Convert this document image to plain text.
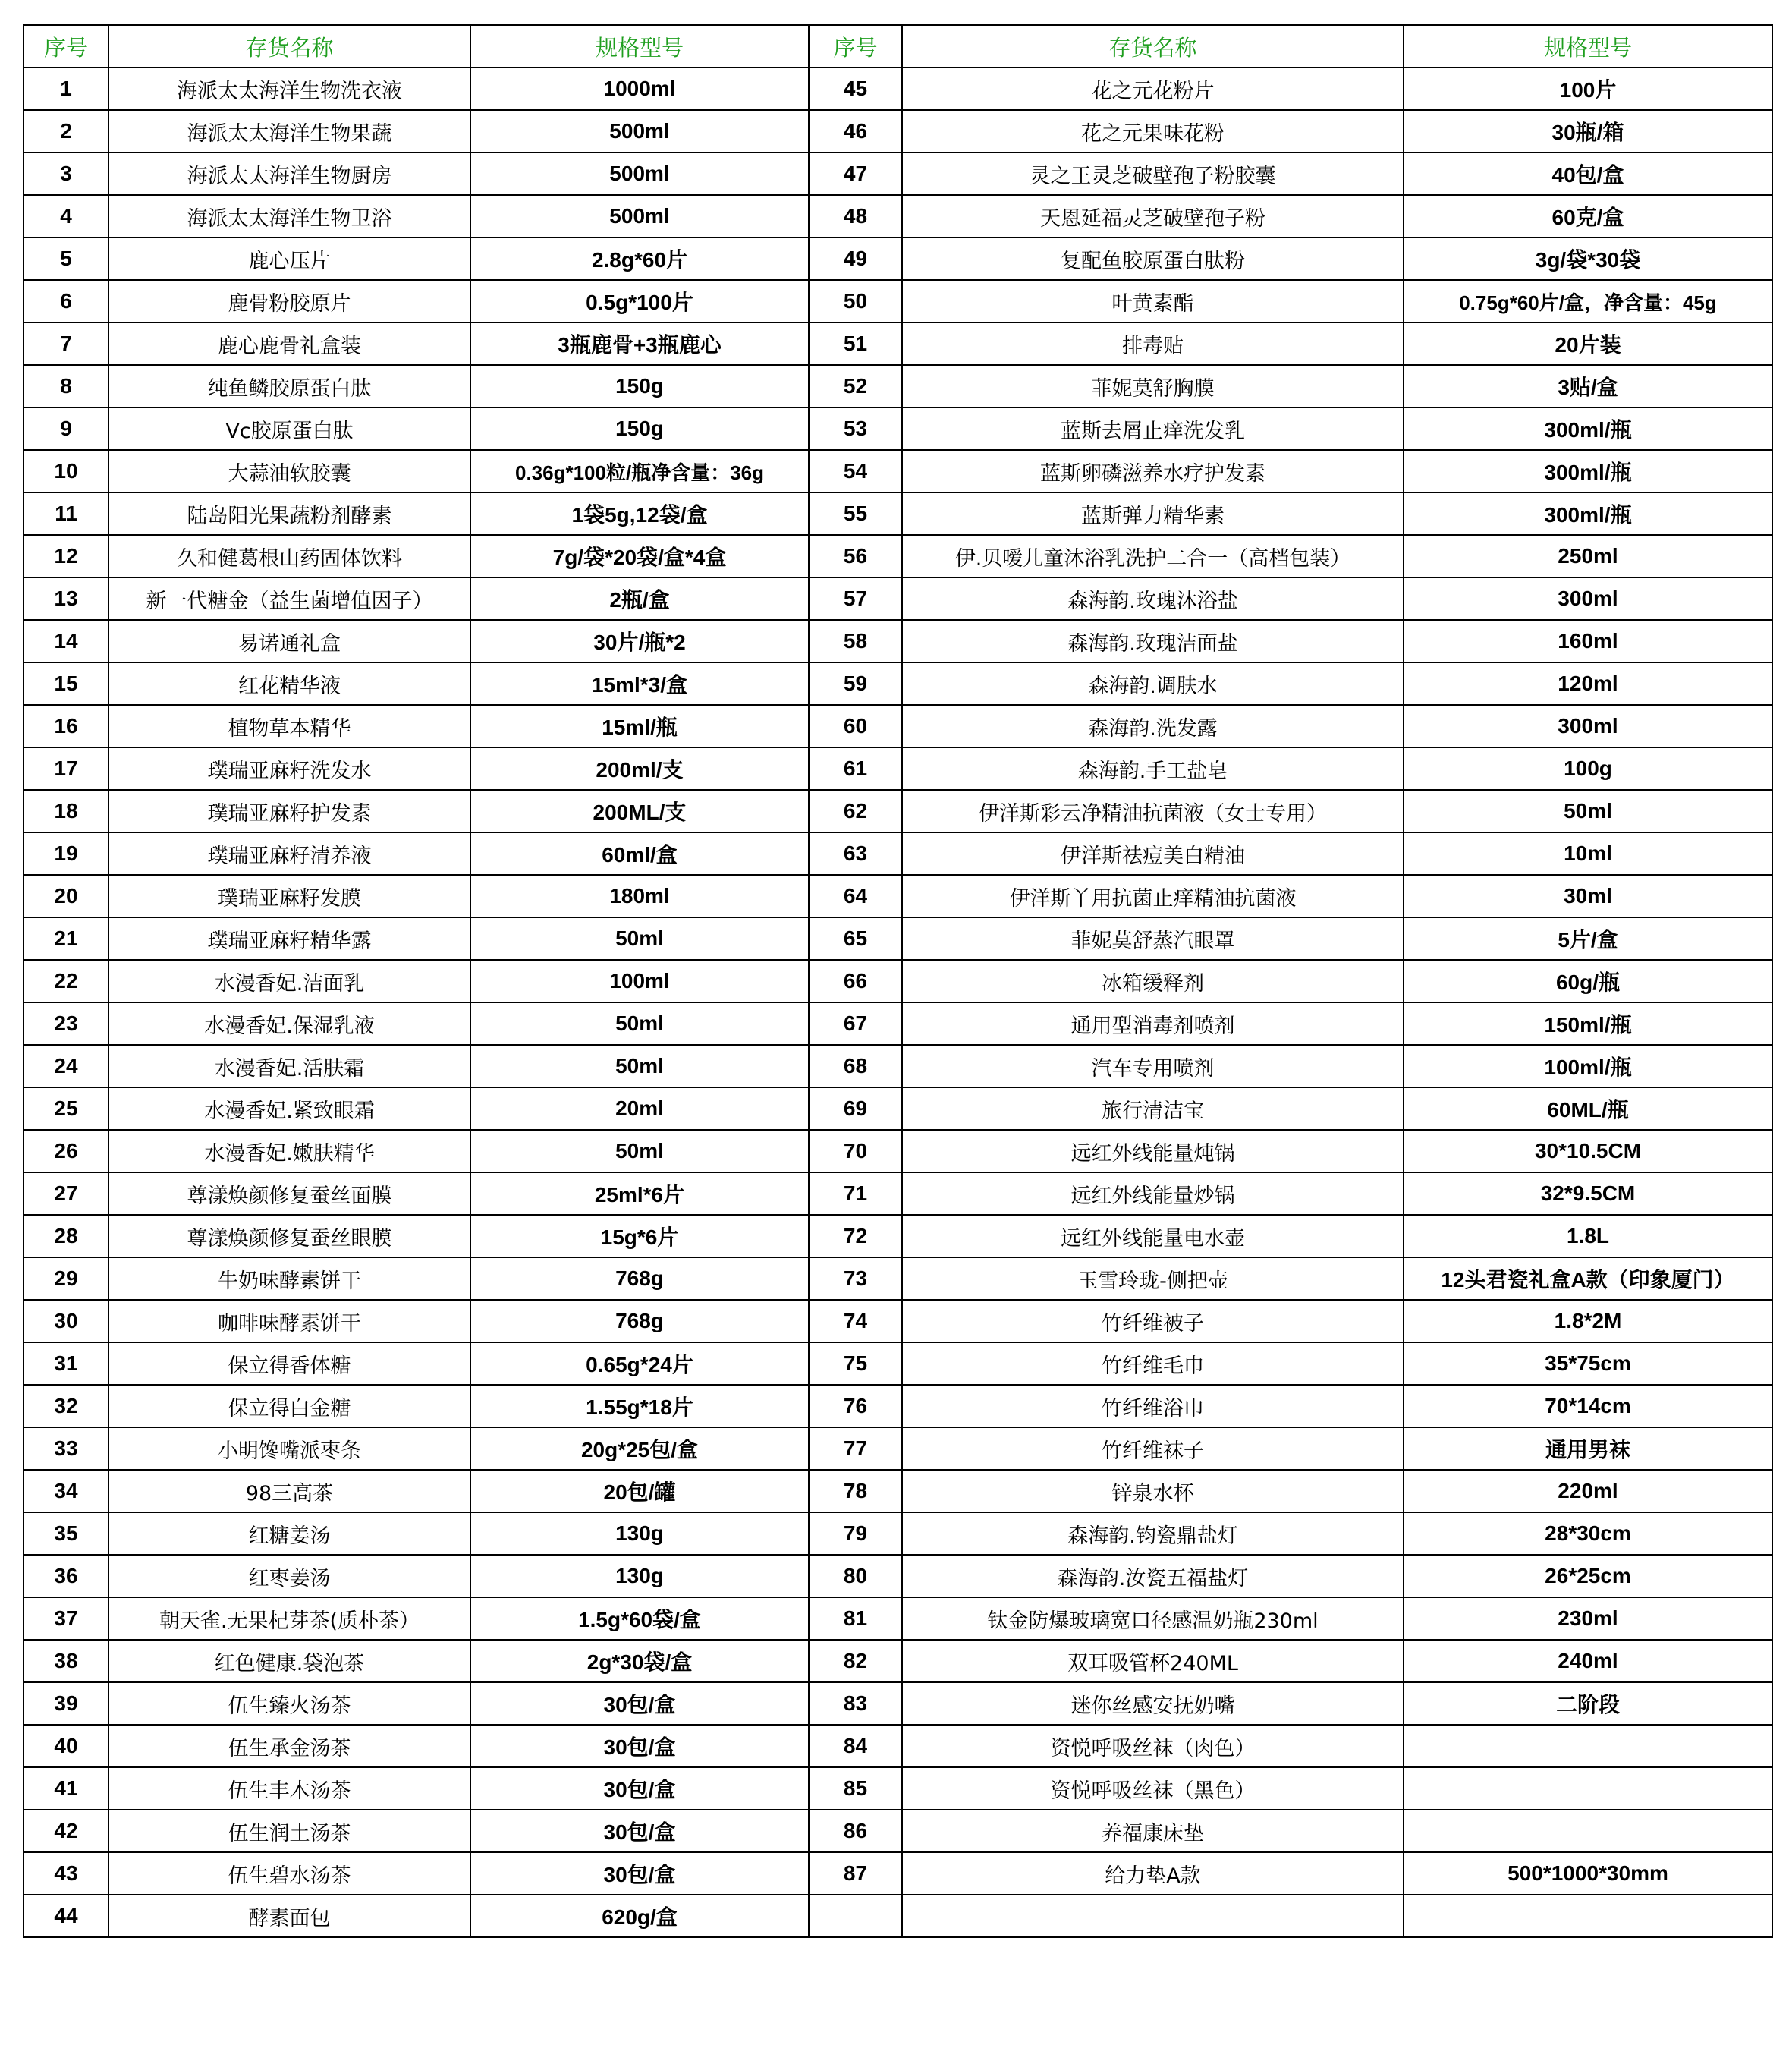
序号	存货名称	规格型号	序号	存货名称	规格型号
1	海派太太海洋生物洗衣液	1000ml	45	花之元花粉片	100片
2	海派太太海洋生物果蔬	500ml	46	花之元果味花粉	30瓶/箱
3	海派太太海洋生物厨房	500ml	47	灵之王灵芝破壁孢子粉胶囊	40包/盒
4	海派太太海洋生物卫浴	500ml	48	天恩延福灵芝破壁孢子粉	60克/盒
5	鹿心压片	2.8g*60片	49	复配鱼胶原蛋白肽粉	3g/袋*30袋
6	鹿骨粉胶原片	0.5g*100片	50	叶黄素酯	0.75g*60片/盒，净含量：45g
7	鹿心鹿骨礼盒装	3瓶鹿骨+3瓶鹿心	51	排毒贴	20片装
8	纯鱼鳞胶原蛋白肽	150g	52	菲妮莫舒胸膜	3贴/盒
9	Vc胶原蛋白肽	150g	53	蓝斯去屑止痒洗发乳	300ml/瓶
10	大蒜油软胶囊	0.36g*100粒/瓶净含量：36g	54	蓝斯卵磷滋养水疗护发素	300ml/瓶
11	陆岛阳光果蔬粉剂酵素	1袋5g,12袋/盒	55	蓝斯弹力精华素	300ml/瓶
12	久和健葛根山药固体饮料	7g/袋*20袋/盒*4盒	56	伊.贝嗳儿童沐浴乳洗护二合一（高档包装）	250ml
13	新一代糖金（益生菌增值因子）	2瓶/盒	57	森海韵.玫瑰沐浴盐	300ml
14	易诺通礼盒	30片/瓶*2	58	森海韵.玫瑰洁面盐	160ml
15	红花精华液	15ml*3/盒	59	森海韵.调肤水	120ml
16	植物草本精华	15ml/瓶	60	森海韵.洗发露	300ml
17	璞瑞亚麻籽洗发水	200ml/支	61	森海韵.手工盐皂	100g
18	璞瑞亚麻籽护发素	200ML/支	62	伊洋斯彩云净精油抗菌液（女士专用）	50ml
19	璞瑞亚麻籽清养液	60ml/盒	63	伊洋斯祛痘美白精油	10ml
20	璞瑞亚麻籽发膜	180ml	64	伊洋斯丫用抗菌止痒精油抗菌液	30ml
21	璞瑞亚麻籽精华露	50ml	65	菲妮莫舒蒸汽眼罩	5片/盒
22	水漫香妃.洁面乳	100ml	66	冰箱缓释剂	60g/瓶
23	水漫香妃.保湿乳液	50ml	67	通用型消毒剂喷剂	150ml/瓶
24	水漫香妃.活肤霜	50ml	68	汽车专用喷剂	100ml/瓶
25	水漫香妃.紧致眼霜	20ml	69	旅行清洁宝	60ML/瓶
26	水漫香妃.嫩肤精华	50ml	70	远红外线能量炖锅	30*10.5CM
27	尊漾焕颜修复蚕丝面膜	25ml*6片	71	远红外线能量炒锅	32*9.5CM
28	尊漾焕颜修复蚕丝眼膜	15g*6片	72	远红外线能量电水壶	1.8L
29	牛奶味酵素饼干	768g	73	玉雪玲珑-侧把壶	12头君瓷礼盒A款（印象厦门）
30	咖啡味酵素饼干	768g	74	竹纤维被子	1.8*2M
31	保立得香体糖	0.65g*24片	75	竹纤维毛巾	35*75cm
32	保立得白金糖	1.55g*18片	76	竹纤维浴巾	70*14cm
33	小明馋嘴派枣条	20g*25包/盒	77	竹纤维袜子	通用男袜
34	98三高茶	20包/罐	78	锌泉水杯	220ml
35	红糖姜汤	130g	79	森海韵.钧瓷鼎盐灯	28*30cm
36	红枣姜汤	130g	80	森海韵.汝瓷五福盐灯	26*25cm
37	朝天雀.无果杞芽茶(质朴茶）	1.5g*60袋/盒	81	钛金防爆玻璃宽口径感温奶瓶230ml	230ml
38	红色健康.袋泡茶	2g*30袋/盒	82	双耳吸管杯240ML	240ml
39	伍生臻火汤茶	30包/盒	83	迷你丝感安抚奶嘴	二阶段
40	伍生承金汤茶	30包/盒	84	资悦呼吸丝袜（肉色）	
41	伍生丰木汤茶	30包/盒	85	资悦呼吸丝袜（黑色）	
42	伍生润土汤茶	30包/盒	86	养福康床垫	
43	伍生碧水汤茶	30包/盒	87	给力垫A款	500*1000*30mm
44	酵素面包	620g/盒			
